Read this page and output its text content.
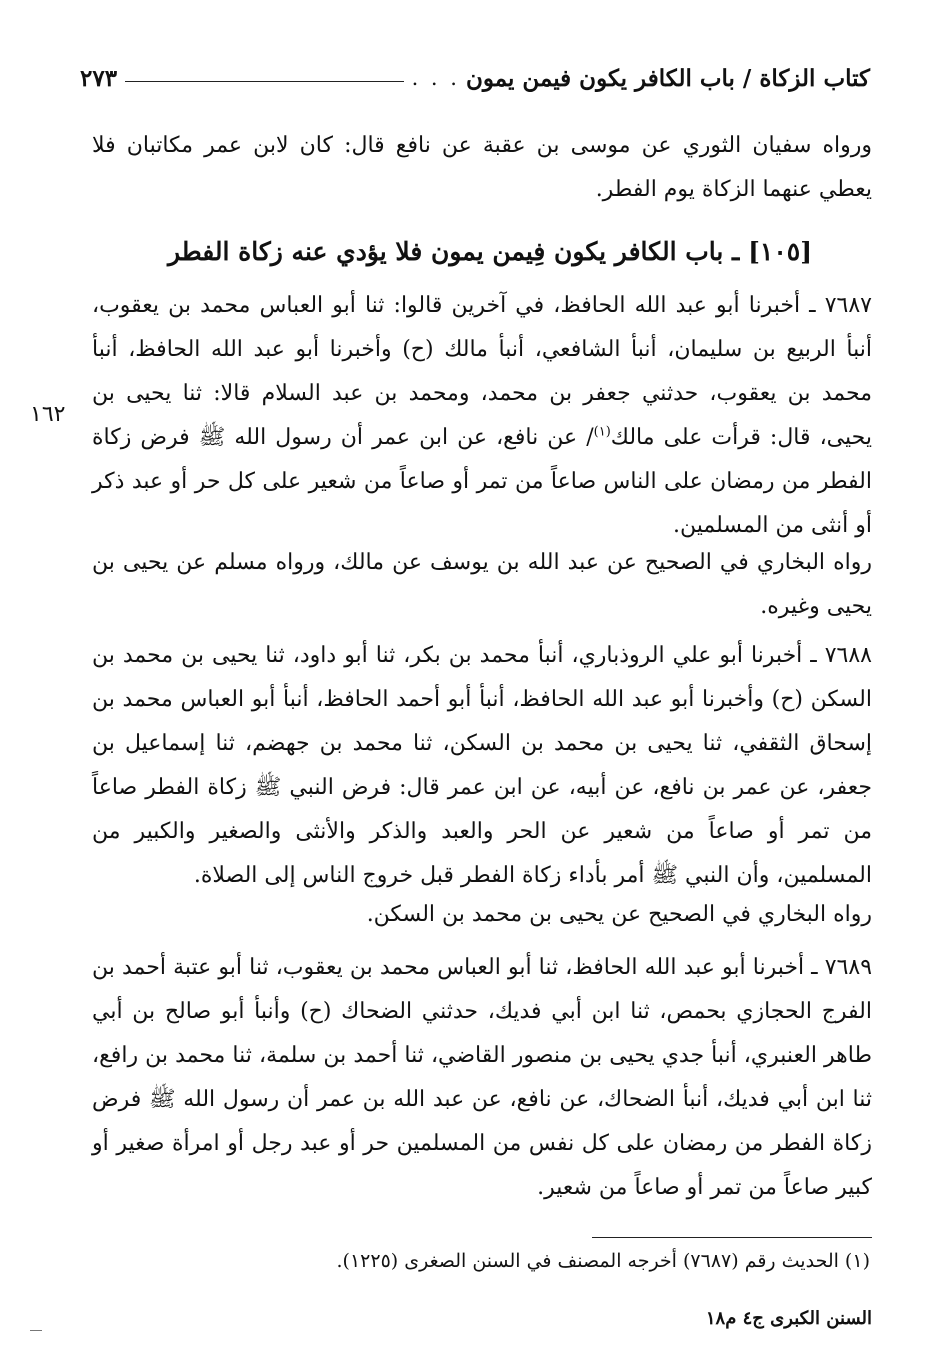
كتاب الزكاة / باب الكافر يكون فيمن يمون
. . .
٢٧٣

ورواه سفيان الثوري عن موسى بن عقبة عن نافع قال: كان لابن عمر مكاتبان فلا يعطي عنهما الزكاة يوم الفطر.

[١٠٥] ـ باب الكافر يكون فِيمن يمون فلا يؤدي عنه زكاة الفطر

٧٦٨٧ ـ أخبرنا أبو عبد الله الحافظ، في آخرين قالوا: ثنا أبو العباس محمد بن يعقوب، أنبأ الربيع بن سليمان، أنبأ الشافعي، أنبأ مالك (ح) وأخبرنا أبو عبد الله الحافظ، أنبأ محمد بن يعقوب، حدثني جعفر بن محمد، ومحمد بن عبد السلام قالا: ثنا يحيى بن يحيى، قال: قرأت على مالك$^{(١)}$/ عن نافع، عن ابن عمر أن رسول الله ﷺ فرض زكاة الفطر من رمضان على الناس صاعاً من تمر أو صاعاً من شعير على كل حر أو عبد ذكر أو أنثى من المسلمين.

١٦٢

رواه البخاري في الصحيح عن عبد الله بن يوسف عن مالك، ورواه مسلم عن يحيى بن يحيى وغيره.

٧٦٨٨ ـ أخبرنا أبو علي الروذباري، أنبأ محمد بن بكر، ثنا أبو داود، ثنا يحيى بن محمد بن السكن (ح) وأخبرنا أبو عبد الله الحافظ، أنبأ أبو أحمد الحافظ، أنبأ أبو العباس محمد بن إسحاق الثقفي، ثنا يحيى بن محمد بن السكن، ثنا محمد بن جهضم، ثنا إسماعيل بن جعفر، عن عمر بن نافع، عن أبيه، عن ابن عمر قال: فرض النبي ﷺ زكاة الفطر صاعاً من تمر أو صاعاً من شعير عن الحر والعبد والذكر والأنثى والصغير والكبير من المسلمين، وأن النبي ﷺ أمر بأداء زكاة الفطر قبل خروج الناس إلى الصلاة.

رواه البخاري في الصحيح عن يحيى بن محمد بن السكن.

٧٦٨٩ ـ أخبرنا أبو عبد الله الحافظ، ثنا أبو العباس محمد بن يعقوب، ثنا أبو عتبة أحمد بن الفرج الحجازي بحمص، ثنا ابن أبي فديك، حدثني الضحاك (ح) وأنبأ أبو صالح بن أبي طاهر العنبري، أنبأ جدي يحيى بن منصور القاضي، ثنا أحمد بن سلمة، ثنا محمد بن رافع، ثنا ابن أبي فديك، أنبأ الضحاك، عن نافع، عن عبد الله بن عمر أن رسول الله ﷺ فرض زكاة الفطر من رمضان على كل نفس من المسلمين حر أو عبد رجل أو امرأة صغير أو كبير صاعاً من تمر أو صاعاً من شعير.

(١) الحديث رقم (٧٦٨٧) أخرجه المصنف في السنن الصغرى (١٢٢٥).

السنن الكبرى ج٤ م١٨
